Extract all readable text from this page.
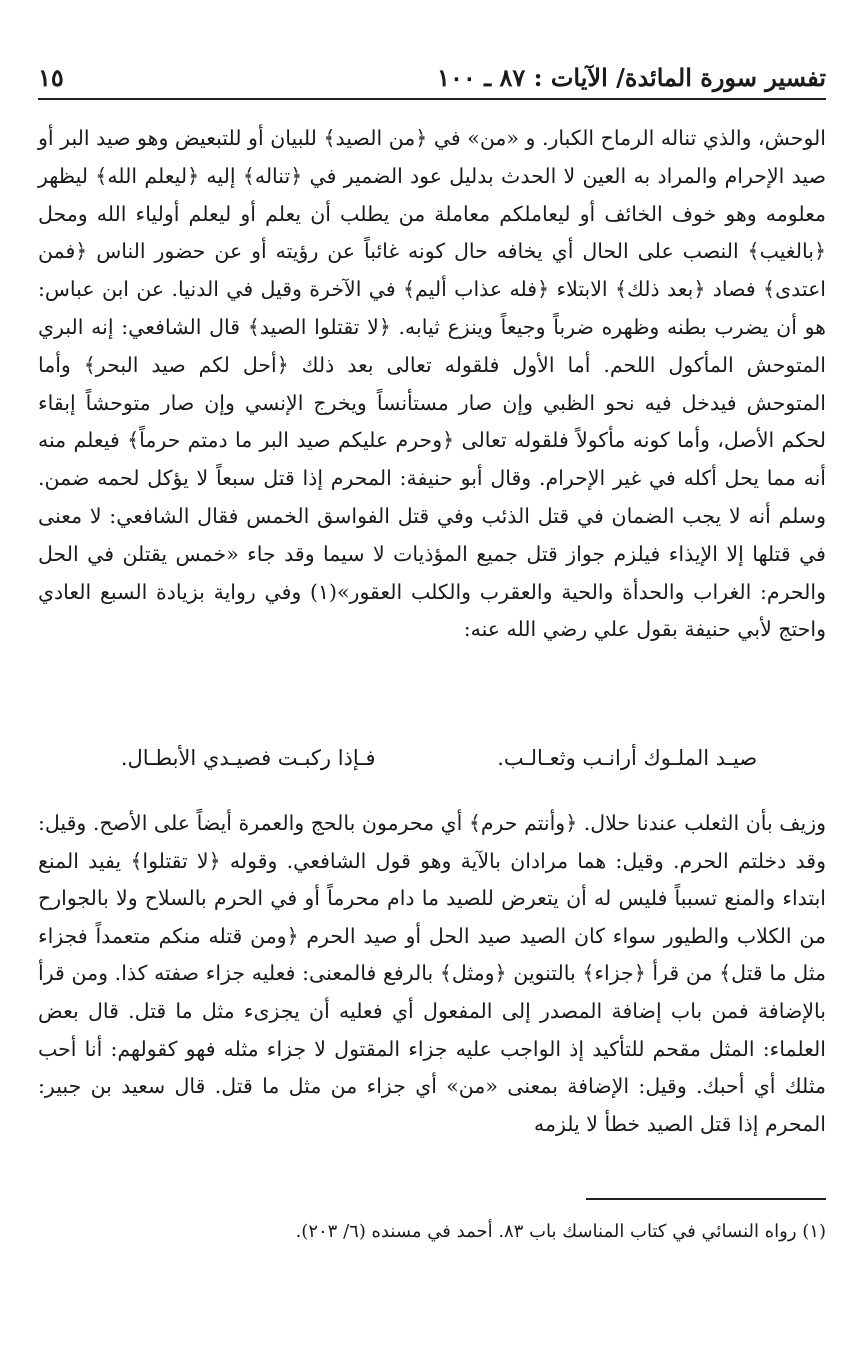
تفسير سورة المائدة/ الآيات : ٨٧ ـ ١٠٠
١٥

الوحش، والذي تناله الرماح الكبار. و «من» في ﴿من الصيد﴾ للبيان أو للتبعيض وهو صيد البر أو صيد الإحرام والمراد به العين لا الحدث بدليل عود الضمير في ﴿تناله﴾ إليه ﴿ليعلم الله﴾ ليظهر معلومه وهو خوف الخائف أو ليعاملكم معاملة من يطلب أن يعلم أو ليعلم أولياء الله ومحل ﴿بالغيب﴾ النصب على الحال أي يخافه حال كونه غائباً عن رؤيته أو عن حضور الناس ﴿فمن اعتدى﴾ فصاد ﴿بعد ذلك﴾ الابتلاء ﴿فله عذاب أليم﴾ في الآخرة وقيل في الدنيا. عن ابن عباس: هو أن يضرب بطنه وظهره ضرباً وجيعاً وينزع ثيابه. ﴿لا تقتلوا الصيد﴾ قال الشافعي: إنه البري المتوحش المأكول اللحم. أما الأول فلقوله تعالى بعد ذلك ﴿أحل لكم صيد البحر﴾ وأما المتوحش فيدخل فيه نحو الظبي وإن صار مستأنساً ويخرج الإنسي وإن صار متوحشاً إبقاء لحكم الأصل، وأما كونه مأكولاً فلقوله تعالى ﴿وحرم عليكم صيد البر ما دمتم حرماً﴾ فيعلم منه أنه مما يحل أكله في غير الإحرام. وقال أبو حنيفة: المحرم إذا قتل سبعاً لا يؤكل لحمه ضمن. وسلم أنه لا يجب الضمان في قتل الذئب وفي قتل الفواسق الخمس فقال الشافعي: لا معنى في قتلها إلا الإيذاء فيلزم جواز قتل جميع المؤذيات لا سيما وقد جاء «خمس يقتلن في الحل والحرم: الغراب والحدأة والحية والعقرب والكلب العقور»(١) وفي رواية بزيادة السبع العادي واحتج لأبي حنيفة بقول علي رضي الله عنه:

صيـد الملـوك أرانـب وثعـالـب.
فـإذا ركبـت فصيـدي الأبطـال.

وزيف بأن الثعلب عندنا حلال. ﴿وأنتم حرم﴾ أي محرمون بالحج والعمرة أيضاً على الأصح. وقيل: وقد دخلتم الحرم. وقيل: هما مرادان بالآية وهو قول الشافعي. وقوله ﴿لا تقتلوا﴾ يفيد المنع ابتداء والمنع تسبباً فليس له أن يتعرض للصيد ما دام محرماً أو في الحرم بالسلاح ولا بالجوارح من الكلاب والطيور سواء كان الصيد صيد الحل أو صيد الحرم ﴿ومن قتله منكم متعمداً فجزاء مثل ما قتل﴾ من قرأ ﴿جزاء﴾ بالتنوين ﴿ومثل﴾ بالرفع فالمعنى: فعليه جزاء صفته كذا. ومن قرأ بالإضافة فمن باب إضافة المصدر إلى المفعول أي فعليه أن يجزىء مثل ما قتل. قال بعض العلماء: المثل مقحم للتأكيد إذ الواجب عليه جزاء المقتول لا جزاء مثله فهو كقولهم: أنا أحب مثلك أي أحبك. وقيل: الإضافة بمعنى «من» أي جزاء من مثل ما قتل. قال سعيد بن جبير: المحرم إذا قتل الصيد خطأ لا يلزمه

(١) رواه النسائي في كتاب المناسك باب ٨٣. أحمد في مسنده (٦/ ٢٠٣).
